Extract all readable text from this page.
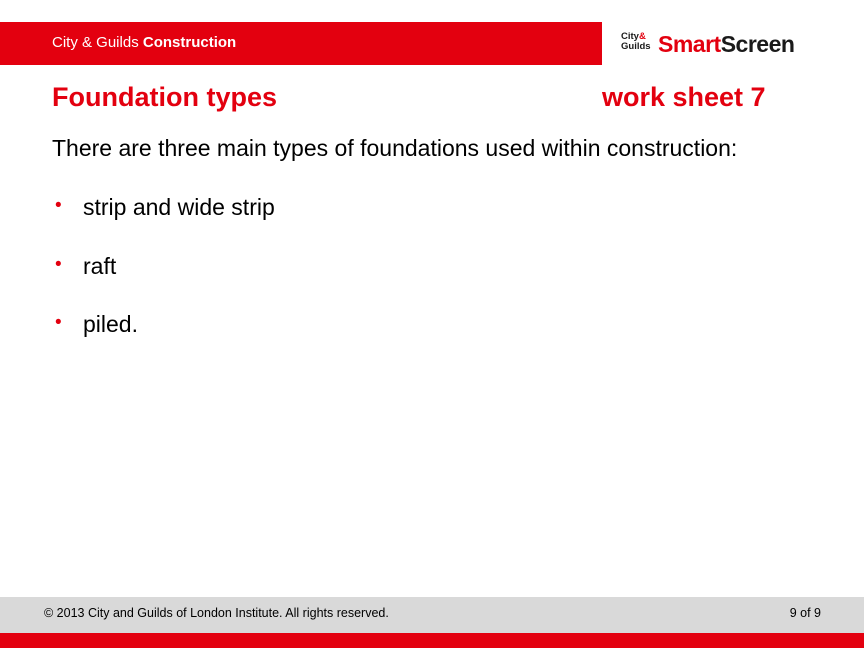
City & Guilds Construction	City&
Guilds SmartScreen
Foundation types	work sheet 7
There are three main types of foundations used within construction:
• strip and wide strip
• raft
• piled.
© 2013 City and Guilds of London Institute. All rights reserved.	9 of 9
